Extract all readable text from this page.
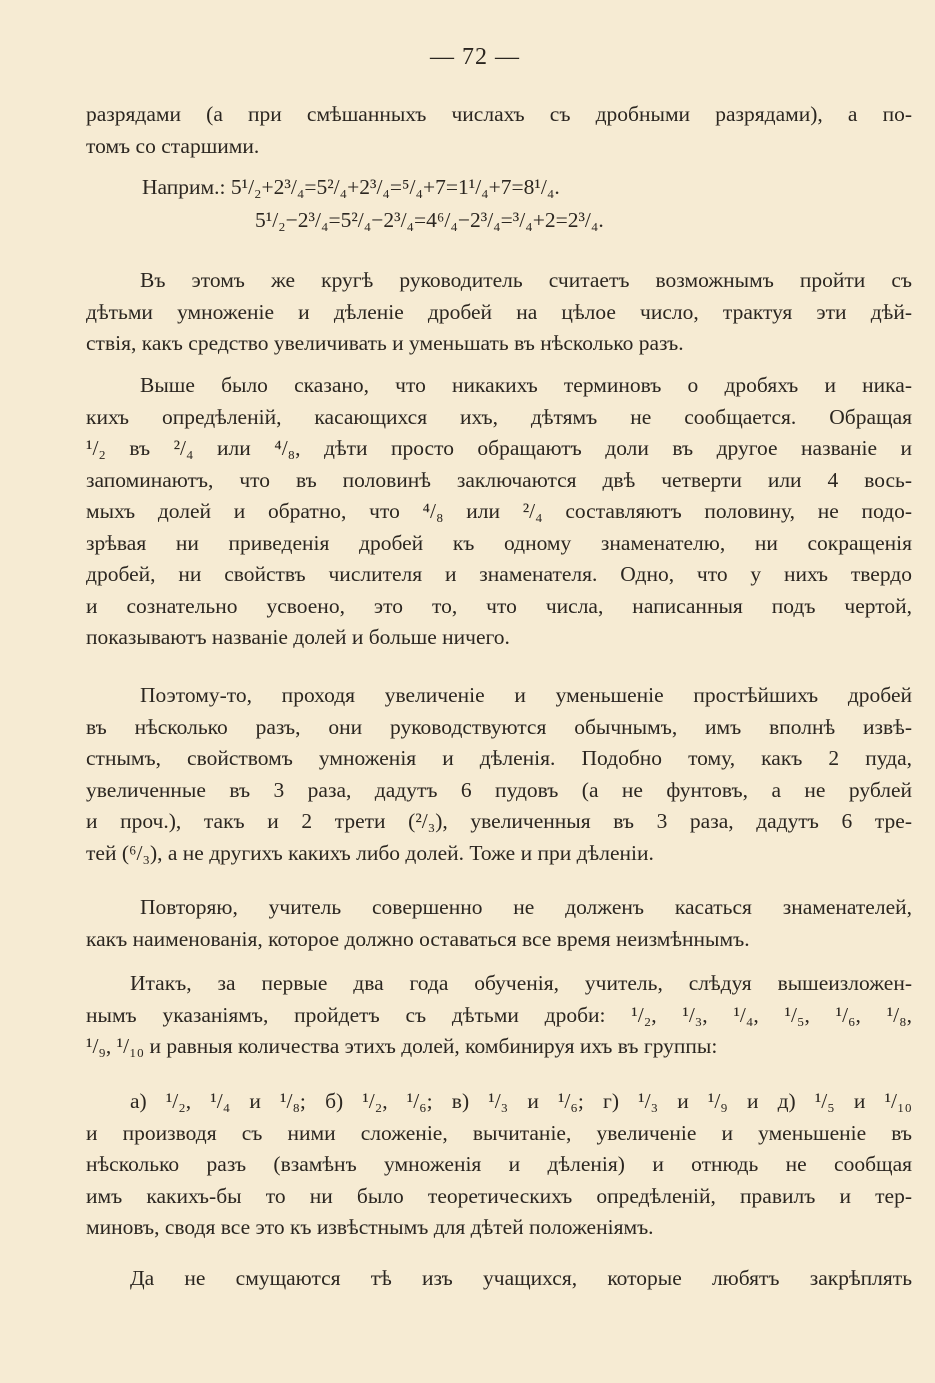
— 72 —
разрядами (а при смѣшанныхъ числахъ съ дробными разрядами), а по-
томъ со старшими.
Наприм.: 5¹/₂+2³/₄=5²/₄+2³/₄=⁵/₄+7=1¹/₄+7=8¹/₄.
5¹/₂−2³/₄=5²/₄−2³/₄=4⁶/₄−2³/₄=³/₄+2=2³/₄.
Въ этомъ же кругѣ руководитель считаетъ возможнымъ пройти съ
дѣтьми умноженіе и дѣленіе дробей на цѣлое число, трактуя эти дѣй-
ствія, какъ средство увеличивать и уменьшать въ нѣсколько разъ.
Выше было сказано, что никакихъ терминовъ о дробяхъ и ника-
кихъ опредѣленій, касающихся ихъ, дѣтямъ не сообщается. Обращая
¹/₂ въ ²/₄ или ⁴/₈, дѣти просто обращаютъ доли въ другое названіе и
запоминаютъ, что въ половинѣ заключаются двѣ четверти или 4 вось-
мыхъ долей и обратно, что ⁴/₈ или ²/₄ составляютъ половину, не подо-
зрѣвая ни приведенія дробей къ одному знаменателю, ни сокращенія
дробей, ни свойствъ числителя и знаменателя. Одно, что у нихъ твердо
и сознательно усвоено, это то, что числа, написанныя подъ чертой,
показываютъ названіе долей и больше ничего.
Поэтому-то, проходя увеличеніе и уменьшеніе простѣйшихъ дробей
въ нѣсколько разъ, они руководствуются обычнымъ, имъ вполнѣ извѣ-
стнымъ, свойствомъ умноженія и дѣленія. Подобно тому, какъ 2 пуда,
увеличенные въ 3 раза, дадутъ 6 пудовъ (а не фунтовъ, а не рублей
и проч.), такъ и 2 трети (²/₃), увеличенныя въ 3 раза, дадутъ 6 тре-
тей (⁶/₃), а не другихъ какихъ либо долей. Тоже и при дѣленіи.
Повторяю, учитель совершенно не долженъ касаться знаменателей,
какъ наименованія, которое должно оставаться все время неизмѣннымъ.
Итакъ, за первые два года обученія, учитель, слѣдуя вышеизложен-
нымъ указаніямъ, пройдетъ съ дѣтьми дроби: ¹/₂, ¹/₃, ¹/₄, ¹/₅, ¹/₆, ¹/₈,
¹/₉, ¹/₁₀ и равныя количества этихъ долей, комбинируя ихъ въ группы:
а) ¹/₂, ¹/₄ и ¹/₈; б) ¹/₂, ¹/₆; в) ¹/₃ и ¹/₆; г) ¹/₃ и ¹/₉ и д) ¹/₅ и ¹/₁₀
и производя съ ними сложеніе, вычитаніе, увеличеніе и уменьшеніе въ
нѣсколько разъ (взамѣнъ умноженія и дѣленія) и отнюдь не сообщая
имъ какихъ-бы то ни было теоретическихъ опредѣленій, правилъ и тер-
миновъ, сводя все это къ извѣстнымъ для дѣтей положеніямъ.
Да не смущаются тѣ изъ учащихся, которые любятъ закрѣплять
